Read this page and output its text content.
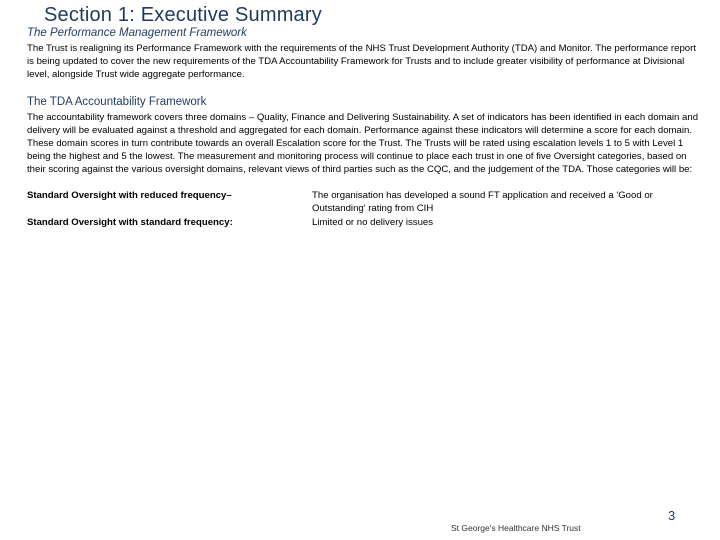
Section 1: Executive Summary
The Performance Management Framework

The Trust is realigning its Performance Framework with the requirements of the NHS Trust Development Authority (TDA) and Monitor. The performance report is being updated to cover the new requirements of the TDA Accountability Framework for Trusts and to include greater visibility of performance at Divisional level, alongside Trust wide aggregate performance.

The TDA Accountability Framework

The accountability framework covers three domains – Quality, Finance and Delivering Sustainability. A set of indicators has been identified in each domain and delivery will be evaluated against a threshold and aggregated for each domain. Performance against these indicators will determine a score for each domain. These domain scores in turn contribute towards an overall Escalation score for the Trust. The Trusts will be rated using escalation levels 1 to 5 with Level 1 being the highest and 5 the lowest. The measurement and monitoring process will continue to place each trust in one of five Oversight categories, based on their scoring against the various oversight domains, relevant views of third parties such as the CQC, and the judgement of the TDA. Those categories will be:

Standard Oversight with reduced frequency–	The organisation has developed a sound FT application and received a 'Good or Outstanding' rating from CIH
Standard Oversight with standard frequency:	Limited or no delivery issues
3
St George's Healthcare NHS Trust
